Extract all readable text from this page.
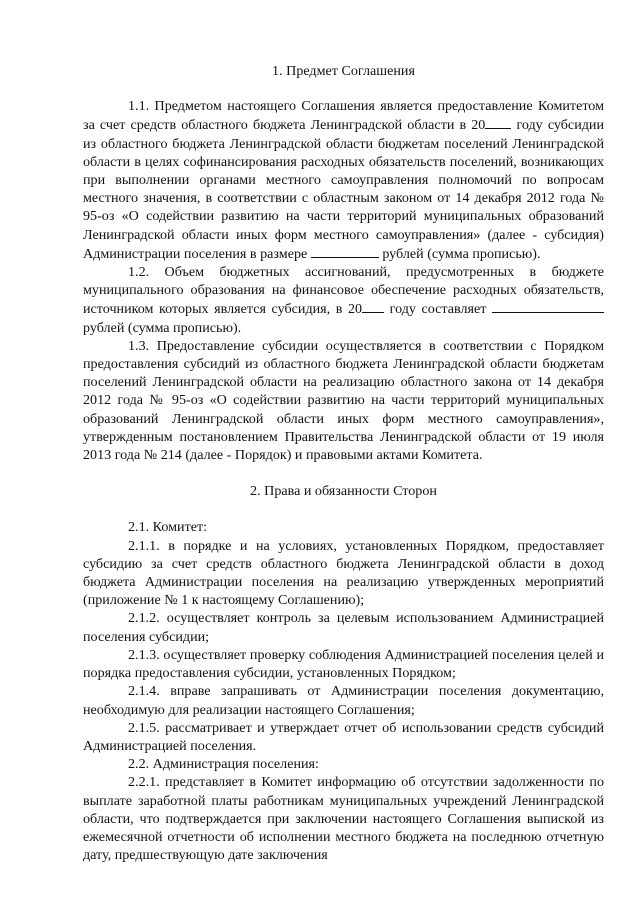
1. Предмет Соглашения

1.1. Предметом настоящего Соглашения является предоставление Комитетом за счет средств областного бюджета Ленинградской области в 20 году субсидии из областного бюджета Ленинградской области бюджетам поселений Ленинградской области в целях софинансирования расходных обязательств поселений, возникающих при выполнении органами местного самоуправления полномочий по вопросам местного значения, в соответствии с областным законом от 14 декабря 2012 года № 95-оз «О содействии развитию на части территорий муниципальных образований Ленинградской области иных форм местного самоуправления» (далее - субсидия) Администрации поселения в размере	рублей (сумма прописью).

1.2. Объем бюджетных ассигнований, предусмотренных в бюджете муниципального образования на финансовое обеспечение расходных обязательств, источником которых является субсидия, в 20 году составляет  рублей (сумма прописью).

1.3. Предоставление субсидии осуществляется в соответствии с Порядком предоставления субсидий из областного бюджета Ленинградской области бюджетам поселений Ленинградской области на реализацию областного закона от 14 декабря 2012 года № 95-оз «О содействии развитию на части территорий муниципальных образований Ленинградской области иных форм местного самоуправления», утвержденным постановлением Правительства Ленинградской области от 19 июля 2013 года № 214 (далее - Порядок) и правовыми актами Комитета.

2. Права и обязанности Сторон

2.1. Комитет:

2.1.1. в порядке и на условиях, установленных Порядком, предоставляет субсидию за счет средств областного бюджета Ленинградской области в доход бюджета Администрации поселения на реализацию утвержденных мероприятий (приложение № 1 к настоящему Соглашению);

2.1.2. осуществляет контроль за целевым использованием Администрацией поселения субсидии;

2.1.3. осуществляет проверку соблюдения Администрацией поселения целей и порядка предоставления субсидии, установленных Порядком;

2.1.4. вправе запрашивать от Администрации поселения документацию, необходимую для реализации настоящего Соглашения;

2.1.5. рассматривает и утверждает отчет об использовании средств субсидий Администрацией поселения.

2.2. Администрация поселения:

2.2.1. представляет в Комитет информацию об отсутствии задолженности по выплате заработной платы работникам муниципальных учреждений Ленинградской области, что подтверждается при заключении настоящего Соглашения выпиской из ежемесячной отчетности об исполнении местного бюджета на последнюю отчетную дату, предшествующую дате заключения
